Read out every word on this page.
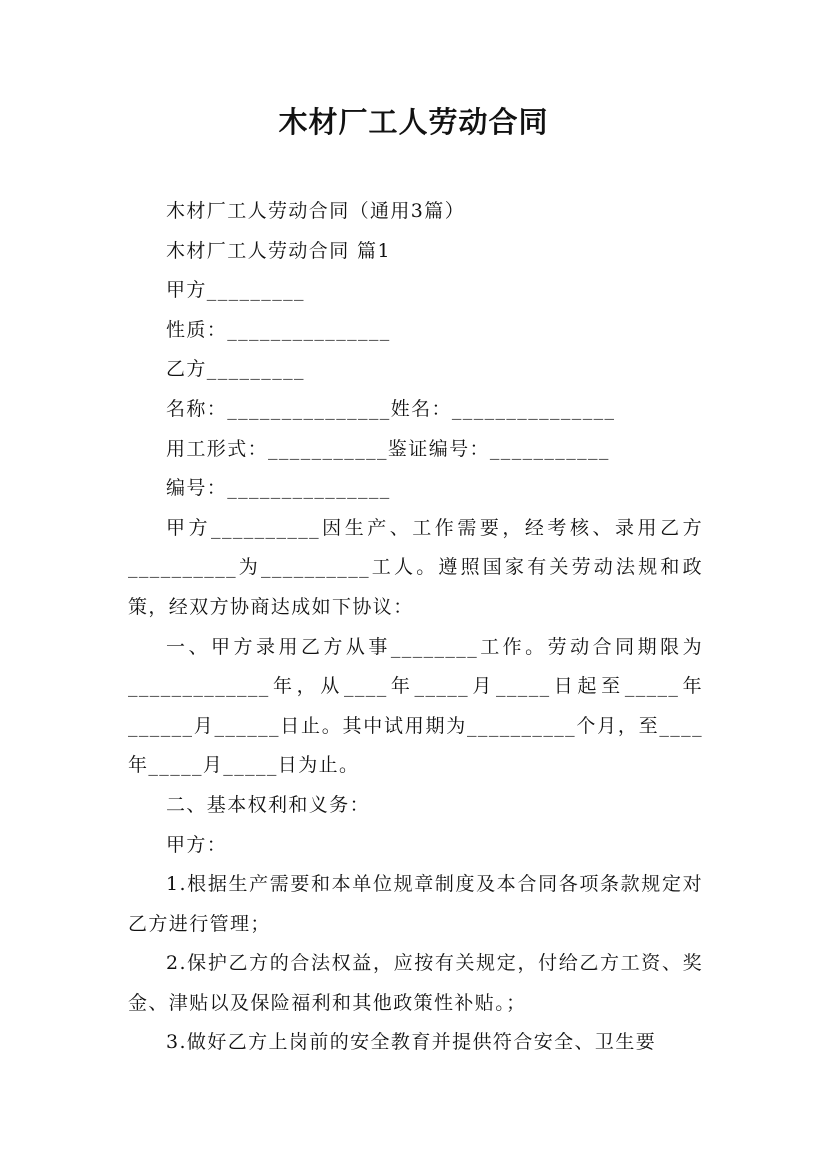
木材厂工人劳动合同

木材厂工人劳动合同（通用3篇）

木材厂工人劳动合同 篇1

甲方_________

性质：_______________

乙方_________

名称：_______________姓名：_______________

用工形式：___________鉴证编号：___________

编号：_______________

甲方__________因生产、工作需要，经考核、录用乙方__________为__________工人。遵照国家有关劳动法规和政策，经双方协商达成如下协议：

一、甲方录用乙方从事________工作。劳动合同期限为_____________年，从____年_____月_____日起至_____年______月______日止。其中试用期为__________个月，至____年_____月_____日为止。

二、基本权利和义务：

甲方：

1.根据生产需要和本单位规章制度及本合同各项条款规定对乙方进行管理；

2.保护乙方的合法权益，应按有关规定，付给乙方工资、奖金、津贴以及保险福利和其他政策性补贴。；

3.做好乙方上岗前的安全教育并提供符合安全、卫生要
